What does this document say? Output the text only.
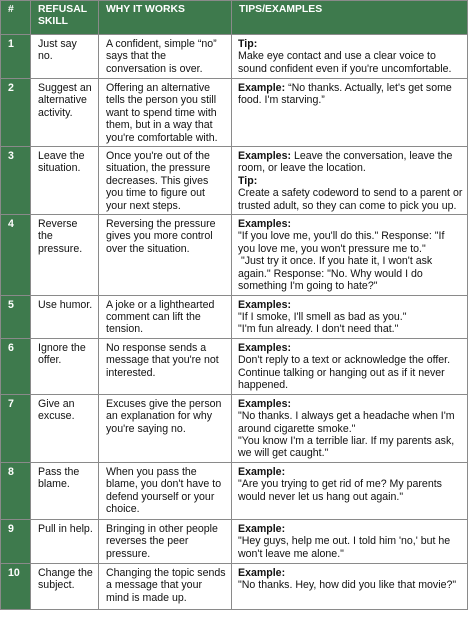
#	REFUSAL SKILL	WHY IT WORKS	TIPS/EXAMPLES
1	Just say no.	A confident, simple “no” says that the conversation is over.	Tip:
Make eye contact and use a clear voice to sound confident even if you're uncomfortable.

2	Suggest an alternative activity.	Offering an alternative tells the person you still want to spend time with them, but in a way that you're comfortable with.	Example: “No thanks. Actually, let's get some food. I'm starving.”

3	Leave the situation.	Once you're out of the situation, the pressure decreases. This gives you time to figure out your next steps.	Examples: Leave the conversation, leave the room, or leave the location.
Tip:
Create a safety codeword to send to a parent or trusted adult, so they can come to pick you up.

4	Reverse the pressure.	Reversing the pressure gives you more control over the situation.	Examples:
"If you love me, you'll do this." Response: "If you love me, you won't pressure me to."
"Just try it once. If you hate it, I won't ask again." Response: "No. Why would I do something I'm going to hate?"

5	Use humor.	A joke or a lighthearted comment can lift the tension.	Examples:
"If I smoke, I'll smell as bad as you."
"I'm fun already. I don't need that."

6	Ignore the offer.	No response sends a message that you're not interested.	Examples:
Don't reply to a text or acknowledge the offer. Continue talking or hanging out as if it never happened.

7	Give an excuse.	Excuses give the person an explanation for why you're saying no.	Examples:
"No thanks. I always get a headache when I'm around cigarette smoke."
"You know I'm a terrible liar. If my parents ask, we will get caught."

8	Pass the blame.	When you pass the blame, you don't have to defend yourself or your choice.	Example:
"Are you trying to get rid of me? My parents would never let us hang out again."

9	Pull in help.	Bringing in other people reverses the peer pressure.	Example:
"Hey guys, help me out. I told him 'no,' but he won't leave me alone."

10	Change the subject.	Changing the topic sends a message that your mind is made up.	Example:
"No thanks. Hey, how did you like that movie?"
